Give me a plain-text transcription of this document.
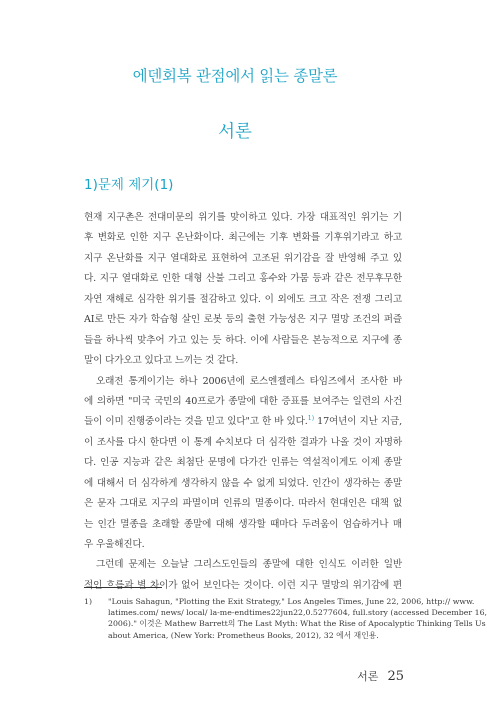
에덴회복 관점에서 읽는 종말론
서론
1)문제 제기(1)
현재 지구촌은 전대미문의 위기를 맞이하고 있다. 가장 대표적인 위기는 기
후 변화로 인한 지구 온난화이다. 최근에는 기후 변화를 기후위기라고 하고
지구 온난화를 지구 열대화로 표현하여 고조된 위기감을 잘 반영해 주고 있
다. 지구 열대화로 인한 대형 산불 그리고 홍수와 가뭄 등과 같은 전무후무한
자연 재해로 심각한 위기를 절감하고 있다. 이 외에도 크고 작은 전쟁 그리고
AI로 만든 자가 학습형 살인 로봇 등의 출현 가능성은 지구 멸망 조건의 퍼즐
들을 하나씩 맞추어 가고 있는 듯 하다. 이에 사람들은 본능적으로 지구에 종
말이 다가오고 있다고 느끼는 것 같다.
오래전 통계이기는 하나 2006년에 로스엔젤레스 타임즈에서 조사한 바
에 의하면 "미국 국민의 40프로가 종말에 대한 증표를 보여주는 일련의 사건
들이 이미 진행중이라는 것을 믿고 있다"고 한 바 있다.$^{1)}$ 17여년이 지난 지금,
이 조사를 다시 한다면 이 통계 수치보다 더 심각한 결과가 나올 것이 자명하
다. 인공 지능과 같은 최첨단 문명에 다가간 인류는 역설적이게도 이제 종말
에 대해서 더 심각하게 생각하지 않을 수 없게 되었다. 인간이 생각하는 종말
은 문자 그대로 지구의 파멸이며 인류의 멸종이다. 따라서 현대인은 대책 없
는 인간 멸종을 초래할 종말에 대해 생각할 때마다 두려움이 엄습하거나 매
우 우울해진다.
그런데 문제는 오늘날 그리스도인들의 종말에 대한 인식도 이러한 일반
적인 흐름과 별 차이가 없어 보인다는 것이다. 이런 지구 멸망의 위기감에 편
1) "Louis Sahagun, "Plotting the Exit Strategy," Los Angeles Times, June 22, 2006, http:// www.
latimes.com/ news/ local/ la-me-endtimes22jun22,0.5277604, full.story (accessed December 16,
2006)." 이것은 Mathew Barrett의 The Last Myth: What the Rise of Apocalyptic Thinking Tells Us
about America, (New York: Prometheus Books, 2012), 32 에서 재인용.
서론 25
